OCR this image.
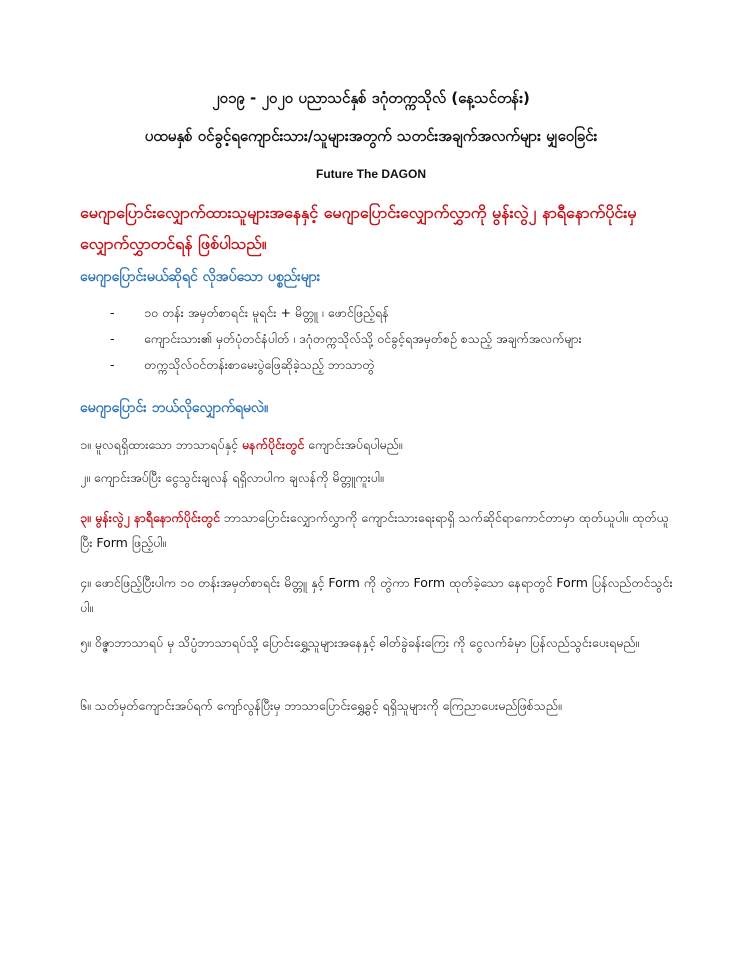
၂၀၁၉ - ၂၀၂၀ ပညာသင်နှစ် ဒဂုံတက္ကသိုလ် (နေ့သင်တန်း)
ပထမနှစ် ဝင်ခွင့်ရကျောင်းသား/သူများအတွက် သတင်းအချက်အလက်များ မျှဝေခြင်း
Future The DAGON
မေဂျာပြောင်းလျှောက်ထားသူများအနေနှင့် မေဂျာပြောင်းလျှောက်လွှာကို မွန်းလွဲ၂ နာရီနောက်ပိုင်းမှ လျှောက်လွှာတင်ရန် ဖြစ်ပါသည်။
မေဂျာပြောင်းမယ်ဆိုရင် လိုအပ်သော ပစ္စည်းများ
- ၁၀ တန်း အမှတ်စာရင်း မူရင်း + မိတ္တူ ၊ ဖောင်ဖြည့်ရန်
- ကျောင်းသား၏ မှတ်ပုံတင်နံပါတ် ၊ ဒဂုံတက္ကသိုလ်သို့ ဝင်ခွင့်ရအမှတ်စဉ် စသည့် အချက်အလက်များ
- တက္ကသိုလ်ဝင်တန်းစာမေးပွဲဖြေဆိုခဲ့သည့် ဘာသာတွဲ
မေဂျာပြောင်း ဘယ်လိုလျှောက်ရမလဲ။
၁။ မူလရရှိထားသော ဘာသာရပ်နှင့် မနက်ပိုင်းတွင် ကျောင်းအပ်ရပါမည်။
၂။ ကျောင်းအပ်ပြီး ငွေသွင်းချလန် ရရှိလာပါက ချလန်ကို မိတ္တူကူးပါ။
၃။ မွန်းလွဲ၂ နာရီနောက်ပိုင်းတွင် ဘာသာပြောင်းလျှောက်လွှာကို ကျောင်းသားရေးရာရှိ သက်ဆိုင်ရာကောင်တာမှာ ထုတ်ယူပါ။ ထုတ်ယူပြီး Form ဖြည့်ပါ။
၄။ ဖောင်ဖြည့်ပြီးပါက ၁၀ တန်းအမှတ်စာရင်း မိတ္တူ နှင့် Form ကို တွဲကာ Form ထုတ်ခဲ့သော နေရာတွင် Form ပြန်လည်တင်သွင်းပါ။
၅။ ဝိဇ္ဇာဘာသာရပ် မှ သိပ္ပံဘာသာရပ်သို့ ပြောင်းရွှေ့သူများအနေနှင့် ဓါတ်ခွဲခန်းကြေး ကို ငွေလက်ခံမှာ ပြန်လည်သွင်းပေးရမည်။
၆။ သတ်မှတ်ကျောင်းအပ်ရက် ကျော်လွန်ပြီးမှ ဘာသာပြောင်းရွှေ့ခွင့် ရရှိသူများကို ကြေညာပေးမည်ဖြစ်သည်။
